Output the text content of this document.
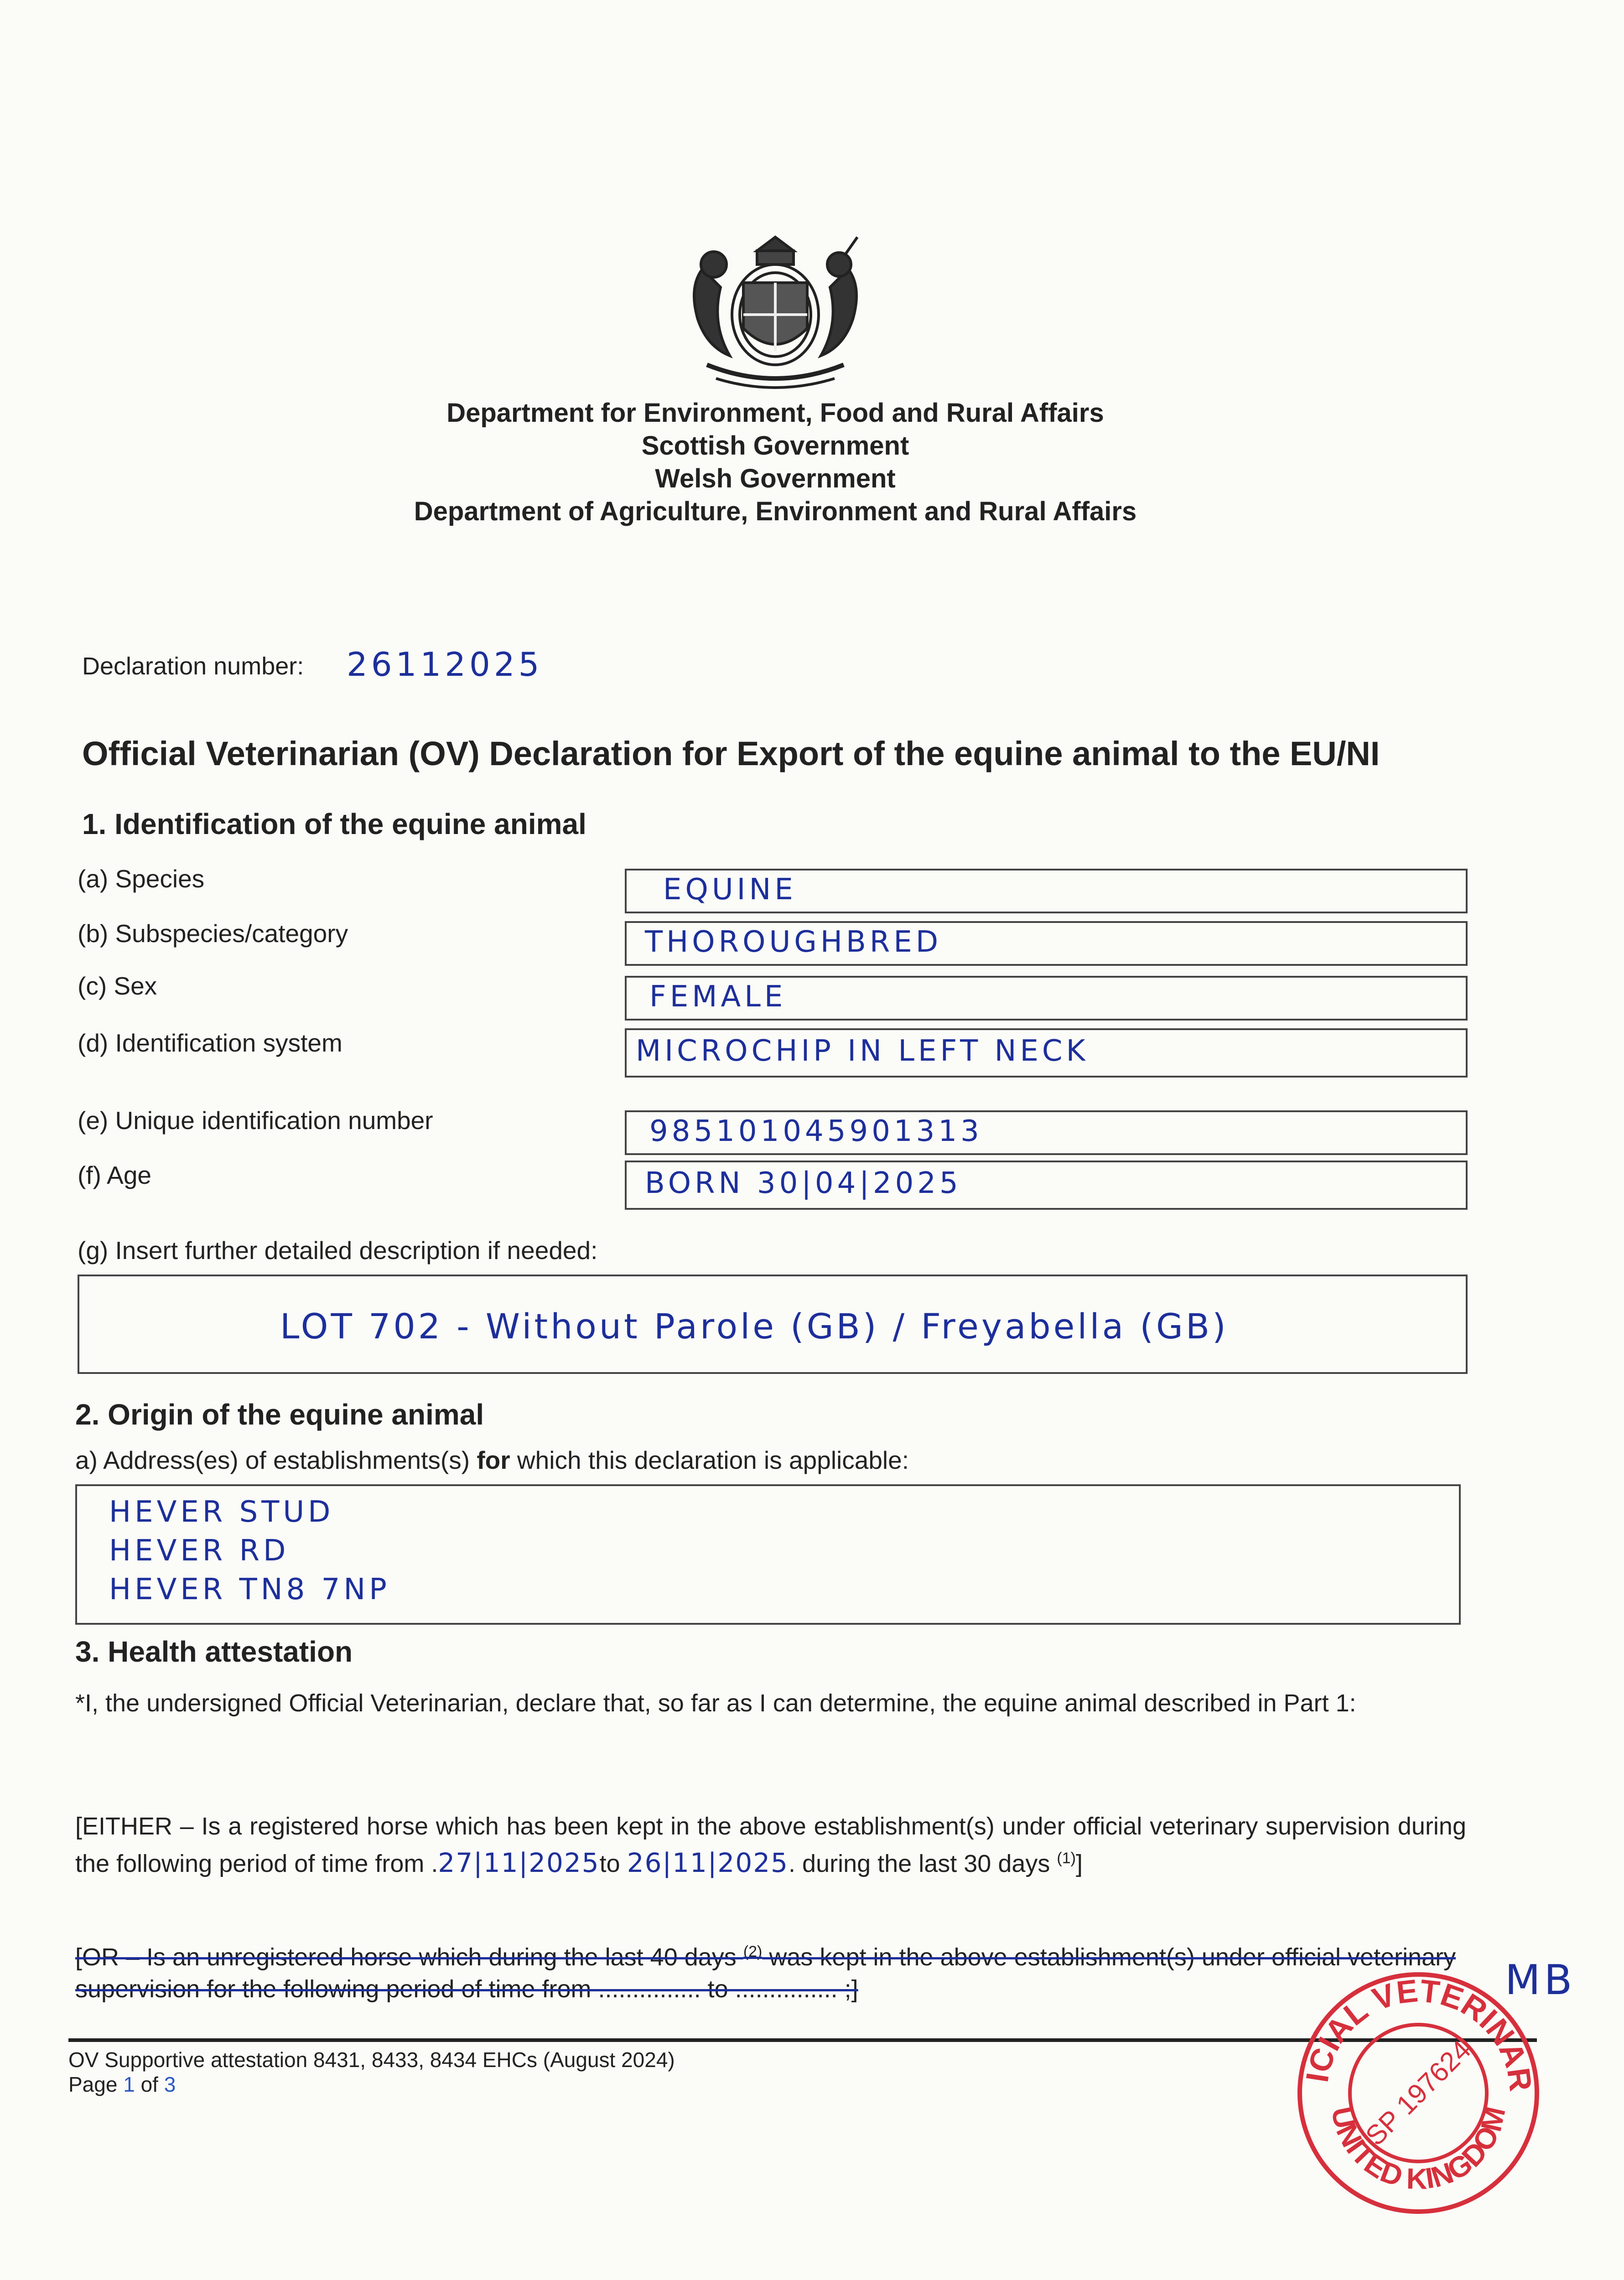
Department for Environment, Food and Rural Affairs
Scottish Government
Welsh Government
Department of Agriculture, Environment and Rural Affairs
Declaration number: 26112025
Official Veterinarian (OV) Declaration for Export of the equine animal to the EU/NI
1. Identification of the equine animal
(a) Species	EQUINE
(b) Subspecies/category	THOROUGHBRED
(c) Sex	FEMALE
(d) Identification system	MICROCHIP IN LEFT NECK
(e) Unique identification number	985101045901313
(f) Age	BORN 30|04|2025
(g) Insert further detailed description if needed:
LOT 702 - Without Parole (GB) / Freyabella (GB)
2. Origin of the equine animal
a) Address(es) of establishments(s) for which this declaration is applicable:
HEVER STUD
HEVER RD
HEVER TN8 7NP
3. Health attestation
*I, the undersigned Official Veterinarian, declare that, so far as I can determine, the equine animal described in Part 1:
[EITHER – Is a registered horse which has been kept in the above establishment(s) under official veterinary supervision during the following period of time from .27|11|2025to 26|11|2025. during the last 30 days $^{(1)}$]
[OR – Is an unregistered horse which during the last 40 days $^{(2)}$ was kept in the above establishment(s) under official veterinary supervision for the following period of time from ............... to ............... ;]
OV Supportive attestation 8431, 8433, 8434 EHCs (August 2024)
Page 1 of 3	ICIAL VETERINAR
UNITED KINGDOM
SP 197624
MB
